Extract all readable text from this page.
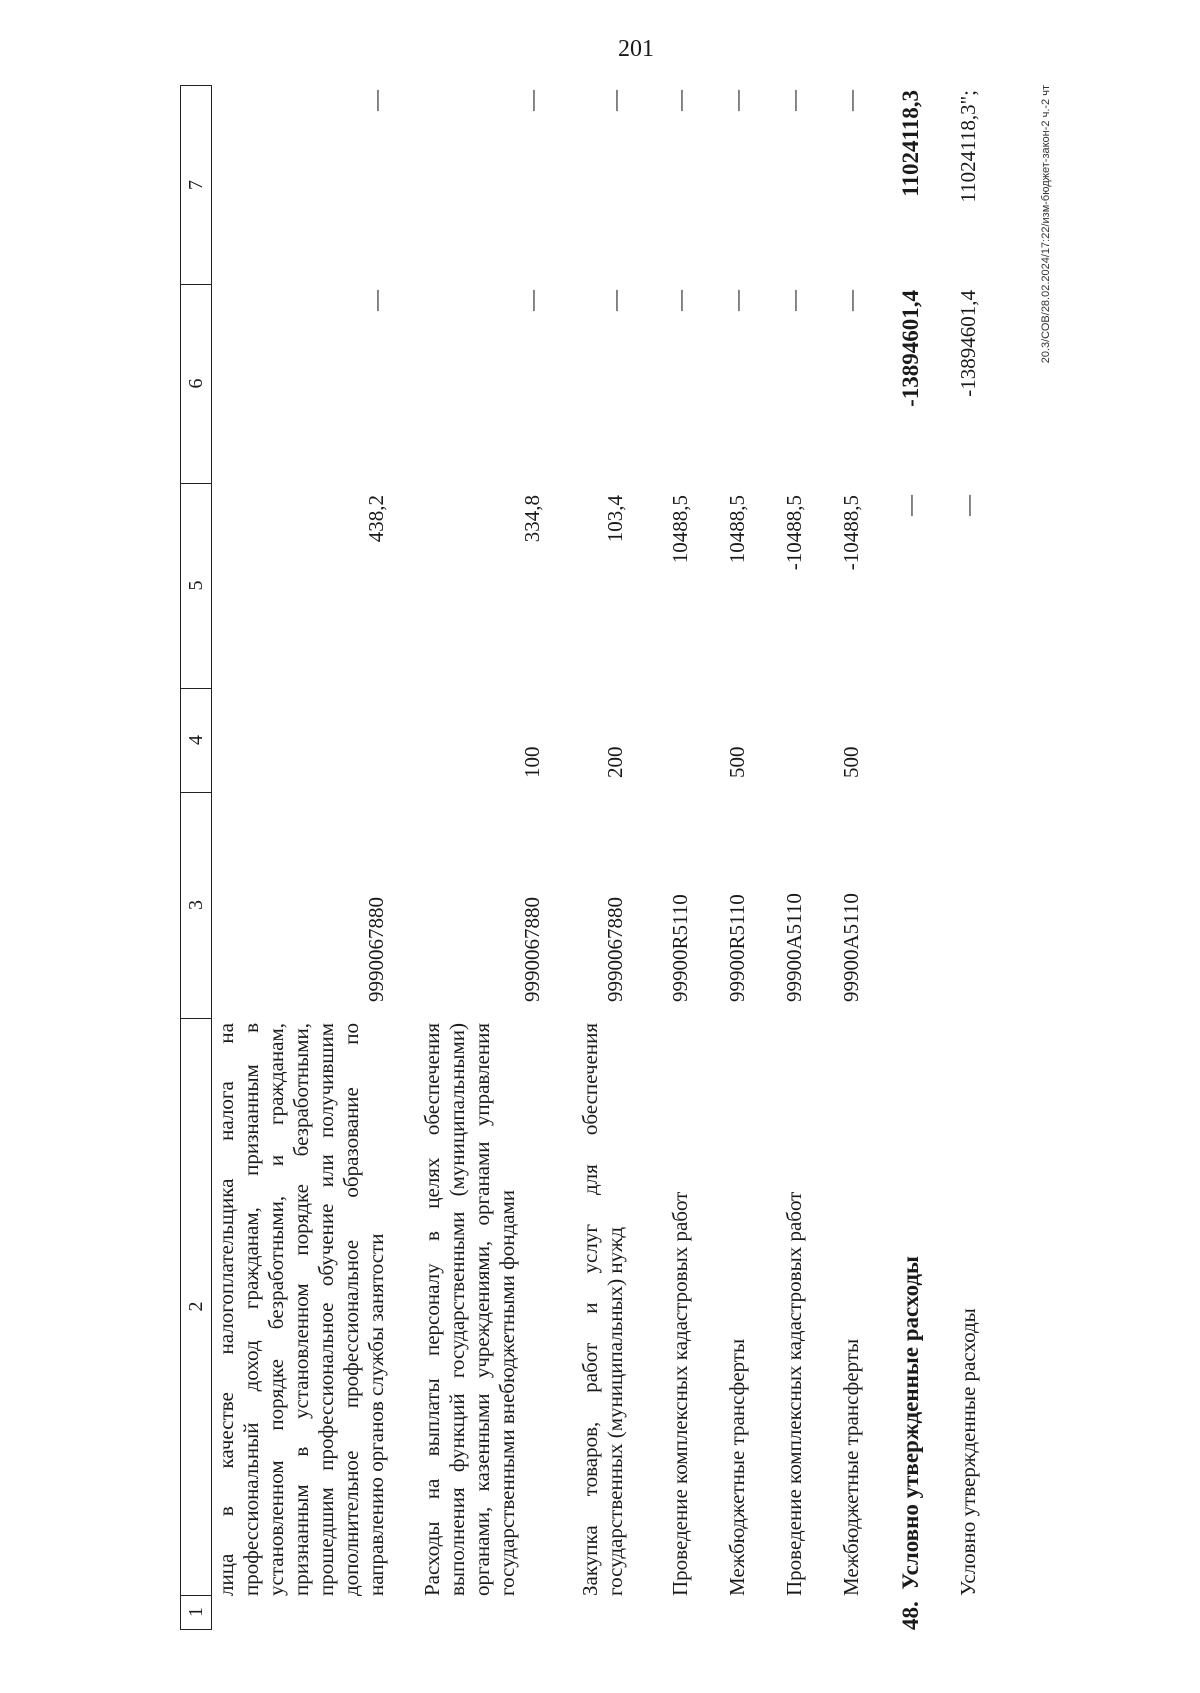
201
1
2
3
4
5
6
7
лица в качестве налогоплательщика налога на профессиональный доход гражданам, признанным в установленном порядке безработными, и гражданам, признанным в установленном порядке безработными, прошедшим профессиональное обучение или получившим дополнительное профессиональное образование по направлению органов службы занятости
9990067880
438,2
—
—
Расходы на выплаты персоналу в целях обеспечения выполнения функций государственными (муниципальными) органами, казенными учреждениями, органами управления государственными внебюджетными фондами
9990067880
100
334,8
—
—
Закупка товаров, работ и услуг для обеспечения государственных (муниципальных) нужд
9990067880
200
103,4
—
—
Проведение комплексных кадастровых работ
99900R5110
10488,5
—
—
Межбюджетные трансферты
99900R5110
500
10488,5
—
—
Проведение комплексных кадастровых работ
99900A5110
-10488,5
—
—
Межбюджетные трансферты
99900A5110
500
-10488,5
—
—
48.  Условно утвержденные расходы
—
-13894601,4
11024118,3
Условно утвержденные расходы
—
-13894601,4
11024118,3";	20.3/СОВ/28.02.2024/17:22/изм-бюджет-закон-2 ч.-2 чт
